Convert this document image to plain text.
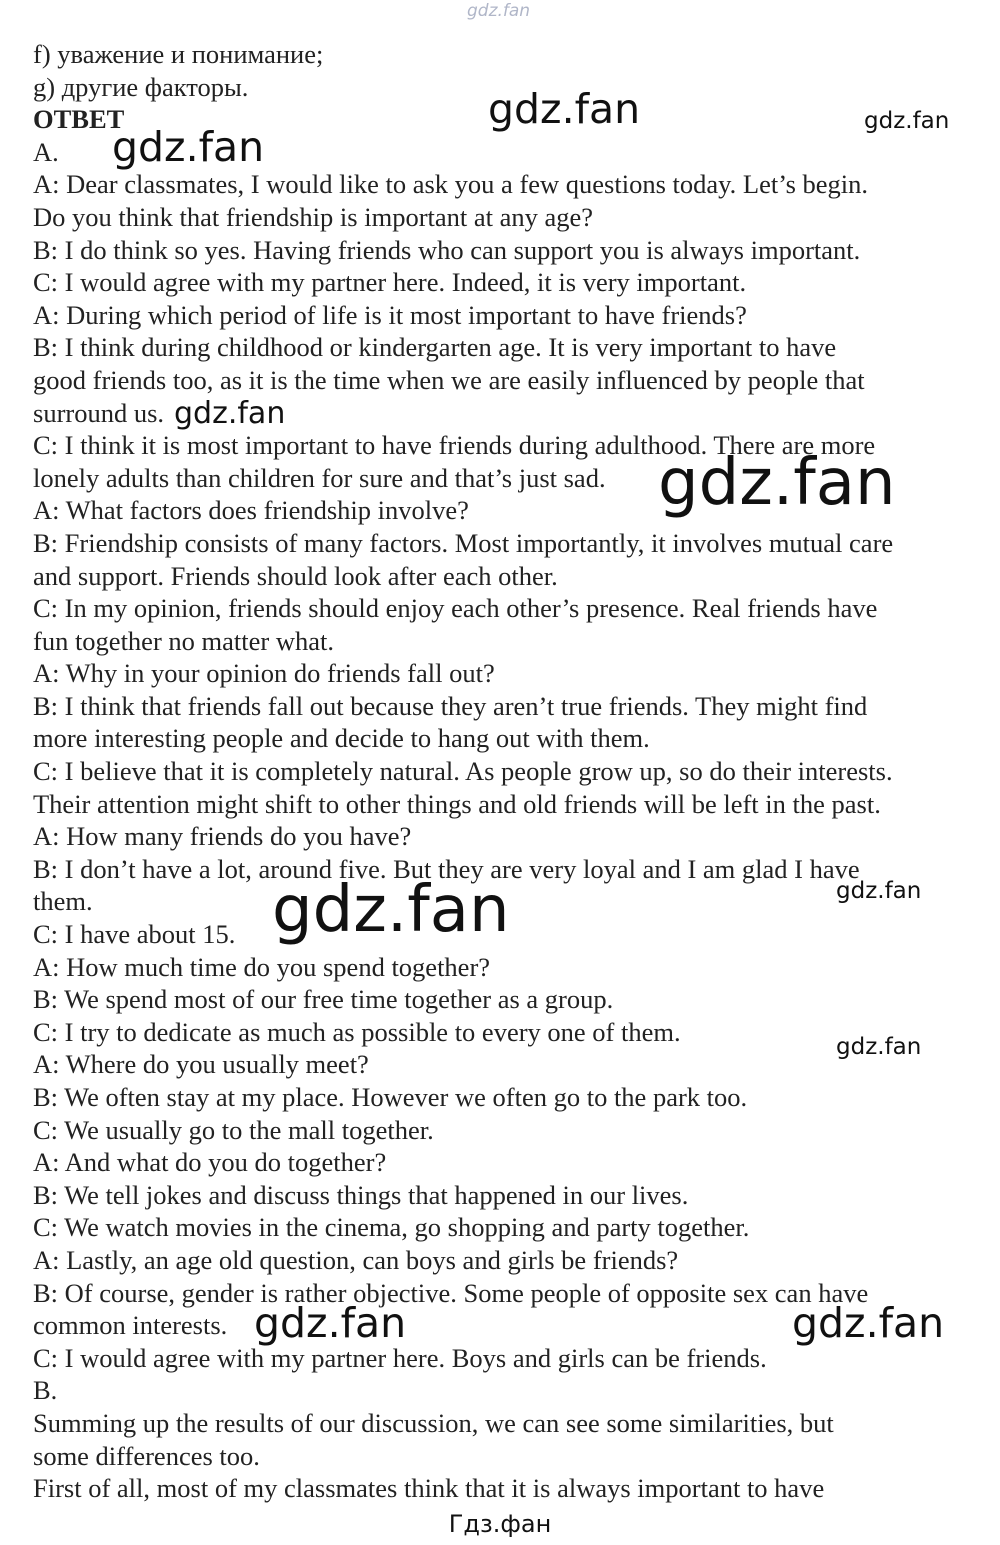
gdz.fan
f) уважение и понимание;
g) другие факторы.
ОТВЕТ
A.
A: Dear classmates, I would like to ask you a few questions today. Let’s begin.
Do you think that friendship is important at any age?
B: I do think so yes. Having friends who can support you is always important.
C: I would agree with my partner here. Indeed, it is very important.
A: During which period of life is it most important to have friends?
B: I think during childhood or kindergarten age. It is very important to have
good friends too, as it is the time when we are easily influenced by people that
surround us.
C: I think it is most important to have friends during adulthood. There are more
lonely adults than children for sure and that’s just sad.
A: What factors does friendship involve?
B: Friendship consists of many factors. Most importantly, it involves mutual care
and support. Friends should look after each other.
C: In my opinion, friends should enjoy each other’s presence. Real friends have
fun together no matter what.
A: Why in your opinion do friends fall out?
B: I think that friends fall out because they aren’t true friends. They might find
more interesting people and decide to hang out with them.
C: I believe that it is completely natural. As people grow up, so do their interests.
Their attention might shift to other things and old friends will be left in the past.
A: How many friends do you have?
B: I don’t have a lot, around five. But they are very loyal and I am glad I have
them.
C: I have about 15.
A: How much time do you spend together?
B: We spend most of our free time together as a group.
C: I try to dedicate as much as possible to every one of them.
A: Where do you usually meet?
B: We often stay at my place. However we often go to the park too.
C: We usually go to the mall together.
A: And what do you do together?
B: We tell jokes and discuss things that happened in our lives.
C: We watch movies in the cinema, go shopping and party together.
A: Lastly, an age old question, can boys and girls be friends?
B: Of course, gender is rather objective. Some people of opposite sex can have
common interests.
C: I would agree with my partner here. Boys and girls can be friends.
B.
Summing up the results of our discussion, we can see some similarities, but
some differences too.
First of all, most of my classmates think that it is always important to have
gdz.fan	gdz.fan
gdz.fan
gdz.fan
gdz.fan
gdz.fan
gdz.fan
gdz.fan
gdz.fan	gdz.fan
Гдз.фан
